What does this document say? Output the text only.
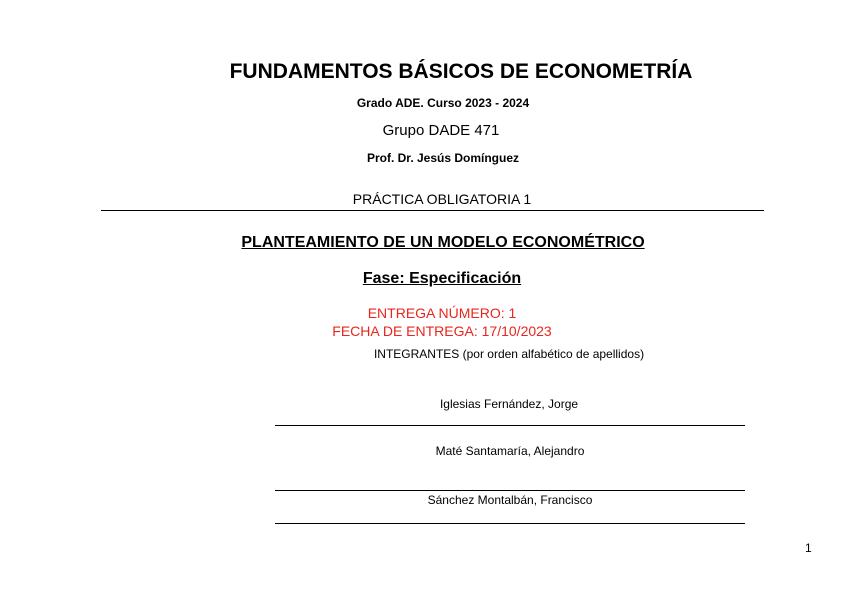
FUNDAMENTOS BÁSICOS DE ECONOMETRÍA
Grado ADE. Curso 2023 - 2024
Grupo DADE 471
Prof. Dr. Jesús Domínguez
PRÁCTICA OBLIGATORIA 1
PLANTEAMIENTO DE UN MODELO ECONOMÉTRICO
Fase: Especificación
ENTREGA NÚMERO: 1
FECHA DE ENTREGA: 17/10/2023
INTEGRANTES (por orden alfabético de apellidos)
Iglesias Fernández, Jorge
Maté Santamaría, Alejandro
Sánchez Montalbán, Francisco
1
